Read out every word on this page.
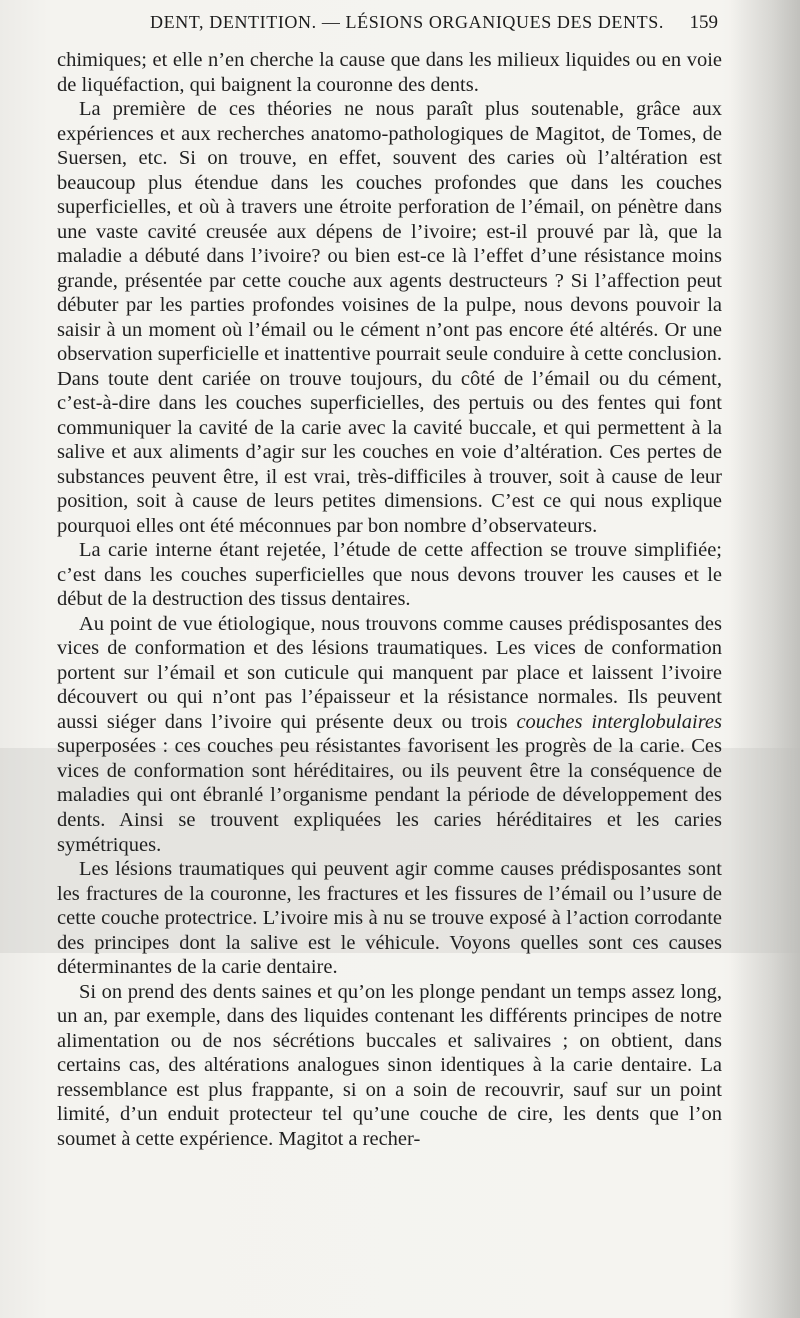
DENT, DENTITION. — LÉSIONS ORGANIQUES DES DENTS. 159

chimiques; et elle n’en cherche la cause que dans les milieux liquides ou en voie de liquéfaction, qui baignent la couronne des dents.

La première de ces théories ne nous paraît plus soutenable, grâce aux expériences et aux recherches anatomo-pathologiques de Magitot, de Tomes, de Suersen, etc. Si on trouve, en effet, souvent des caries où l’altération est beaucoup plus étendue dans les couches profondes que dans les couches superficielles, et où à travers une étroite perforation de l’émail, on pénètre dans une vaste cavité creusée aux dépens de l’ivoire; est-il prouvé par là, que la maladie a débuté dans l’ivoire? ou bien est-ce là l’effet d’une résistance moins grande, présentée par cette couche aux agents destructeurs ? Si l’affection peut débuter par les parties profondes voisines de la pulpe, nous devons pouvoir la saisir à un moment où l’émail ou le cément n’ont pas encore été altérés. Or une observation superficielle et inattentive pourrait seule conduire à cette conclusion. Dans toute dent cariée on trouve toujours, du côté de l’émail ou du cément, c’est-à-dire dans les couches superficielles, des pertuis ou des fentes qui font communiquer la cavité de la carie avec la cavité buccale, et qui permettent à la salive et aux aliments d’agir sur les couches en voie d’altération. Ces pertes de substances peuvent être, il est vrai, très-difficiles à trouver, soit à cause de leur position, soit à cause de leurs petites dimensions. C’est ce qui nous explique pourquoi elles ont été méconnues par bon nombre d’observateurs.

La carie interne étant rejetée, l’étude de cette affection se trouve simplifiée; c’est dans les couches superficielles que nous devons trouver les causes et le début de la destruction des tissus dentaires.

Au point de vue étiologique, nous trouvons comme causes prédisposantes des vices de conformation et des lésions traumatiques. Les vices de conformation portent sur l’émail et son cuticule qui manquent par place et laissent l’ivoire découvert ou qui n’ont pas l’épaisseur et la résistance normales. Ils peuvent aussi siéger dans l’ivoire qui présente deux ou trois couches interglobulaires superposées : ces couches peu résistantes favorisent les progrès de la carie. Ces vices de conformation sont héréditaires, ou ils peuvent être la conséquence de maladies qui ont ébranlé l’organisme pendant la période de développement des dents. Ainsi se trouvent expliquées les caries héréditaires et les caries symétriques.

Les lésions traumatiques qui peuvent agir comme causes prédisposantes sont les fractures de la couronne, les fractures et les fissures de l’émail ou l’usure de cette couche protectrice. L’ivoire mis à nu se trouve exposé à l’action corrodante des principes dont la salive est le véhicule. Voyons quelles sont ces causes déterminantes de la carie dentaire.

Si on prend des dents saines et qu’on les plonge pendant un temps assez long, un an, par exemple, dans des liquides contenant les différents principes de notre alimentation ou de nos sécrétions buccales et salivaires ; on obtient, dans certains cas, des altérations analogues sinon identiques à la carie dentaire. La ressemblance est plus frappante, si on a soin de recouvrir, sauf sur un point limité, d’un enduit protecteur tel qu’une couche de cire, les dents que l’on soumet à cette expérience. Magitot a recher-
